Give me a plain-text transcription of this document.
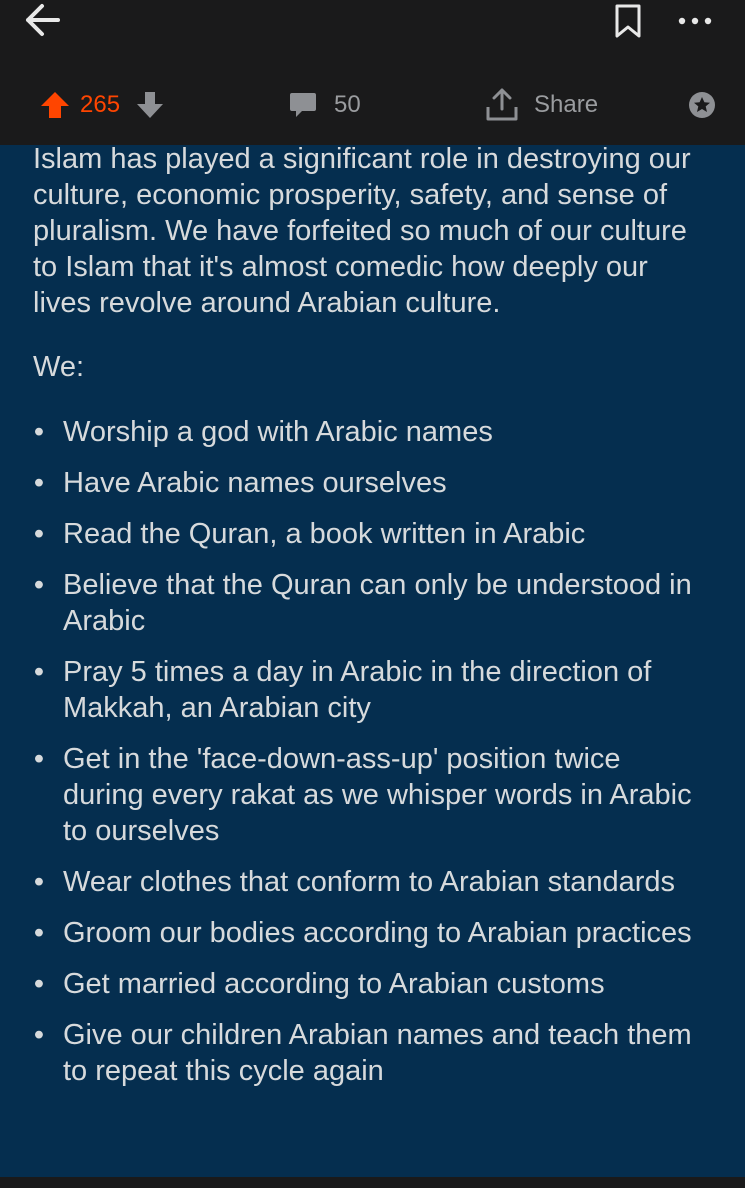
265	50	Share

Islam has played a significant role in destroying our culture, economic prosperity, safety, and sense of pluralism. We have forfeited so much of our culture to Islam that it's almost comedic how deeply our lives revolve around Arabian culture.

We:

• Worship a god with Arabic names
• Have Arabic names ourselves
• Read the Quran, a book written in Arabic
• Believe that the Quran can only be understood in Arabic
• Pray 5 times a day in Arabic in the direction of Makkah, an Arabian city
• Get in the 'face-down-ass-up' position twice during every rakat as we whisper words in Arabic to ourselves
• Wear clothes that conform to Arabian standards
• Groom our bodies according to Arabian practices
• Get married according to Arabian customs
• Give our children Arabian names and teach them to repeat this cycle again
